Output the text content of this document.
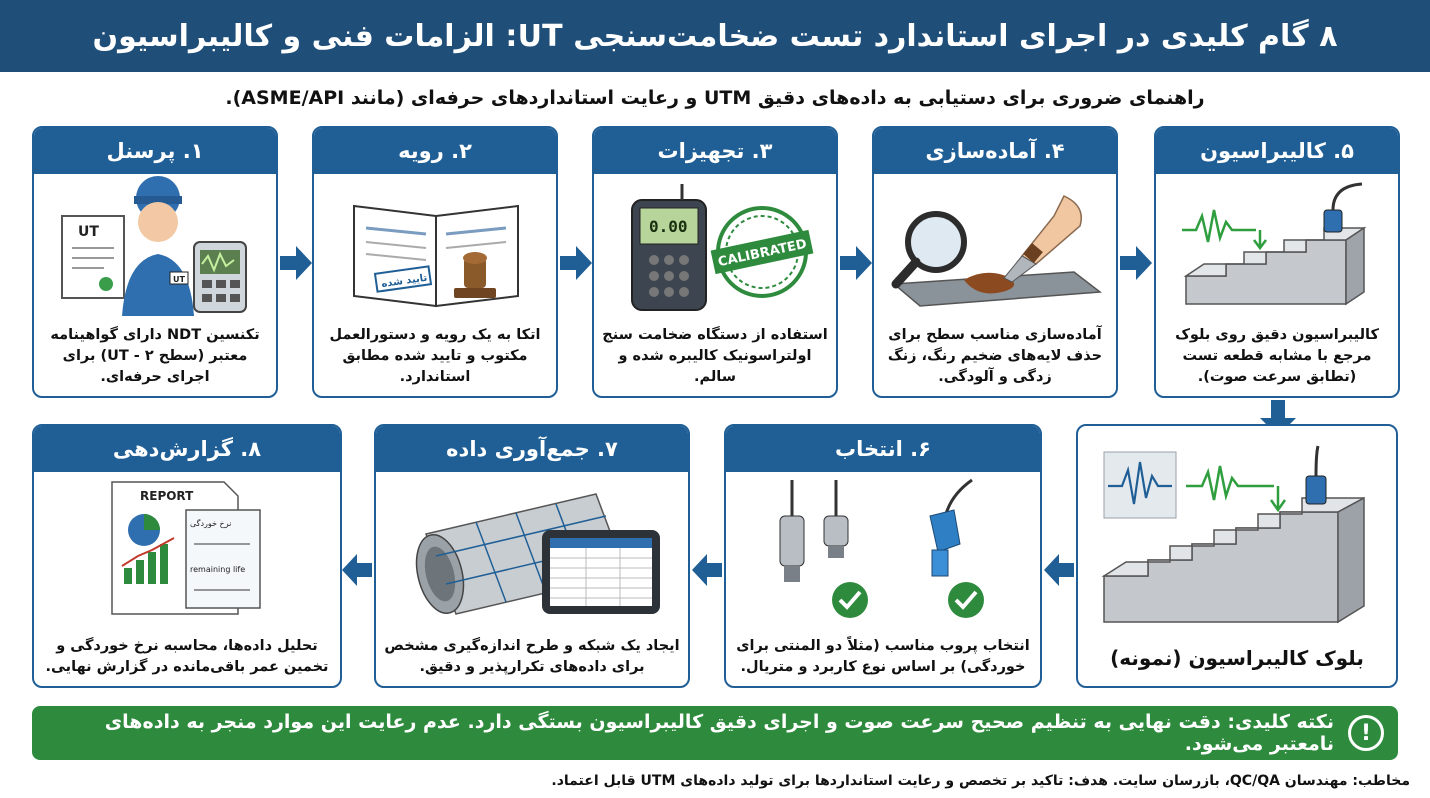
۸ گام کلیدی در اجرای استاندارد تست ضخامت‌سنجی UT: الزامات فنی و کالیبراسیون
راهنمای ضروری برای دستیابی به داده‌های دقیق UTM و رعایت استانداردهای حرفه‌ای (مانند ASME/API).
۱. پرسنل
UT
UT
تکنسین NDT دارای گواهینامه معتبر (سطح ۲ - UT) برای اجرای حرفه‌ای.
۲. رویه
تایید شده
اتکا به یک رویه و دستورالعمل مکتوب و تایید شده مطابق استاندارد.
۳. تجهیزات
0.00
CALIBRATED
استفاده از دستگاه ضخامت سنج اولتراسونیک کالیبره شده و سالم.
۴. آماده‌سازی
آماده‌سازی مناسب سطح برای حذف لایه‌های ضخیم رنگ، زنگ زدگی و آلودگی.
۵. کالیبراسیون
کالیبراسیون دقیق روی بلوک مرجع با مشابه قطعه تست (تطابق سرعت صوت).
بلوک کالیبراسیون (نمونه)
۶. انتخاب
انتخاب پروب مناسب (مثلاً دو المنتی برای خوردگی) بر اساس نوع کاربرد و متریال.
۷. جمع‌آوری داده
ایجاد یک شبکه و طرح اندازه‌گیری مشخص برای داده‌های تکرارپذیر و دقیق.
۸. گزارش‌دهی
REPORT
نرخ خوردگی
remaining life
تحلیل داده‌ها، محاسبه نرخ خوردگی و تخمین عمر باقی‌مانده در گزارش نهایی.
!
نکته کلیدی: دقت نهایی به تنظیم صحیح سرعت صوت و اجرای دقیق کالیبراسیون بستگی دارد. عدم رعایت این موارد منجر به داده‌های نامعتبر می‌شود.
مخاطب: مهندسان QC/QA، بازرسان سایت. هدف: تاکید بر تخصص و رعایت استانداردها برای تولید داده‌های UTM قابل اعتماد.
